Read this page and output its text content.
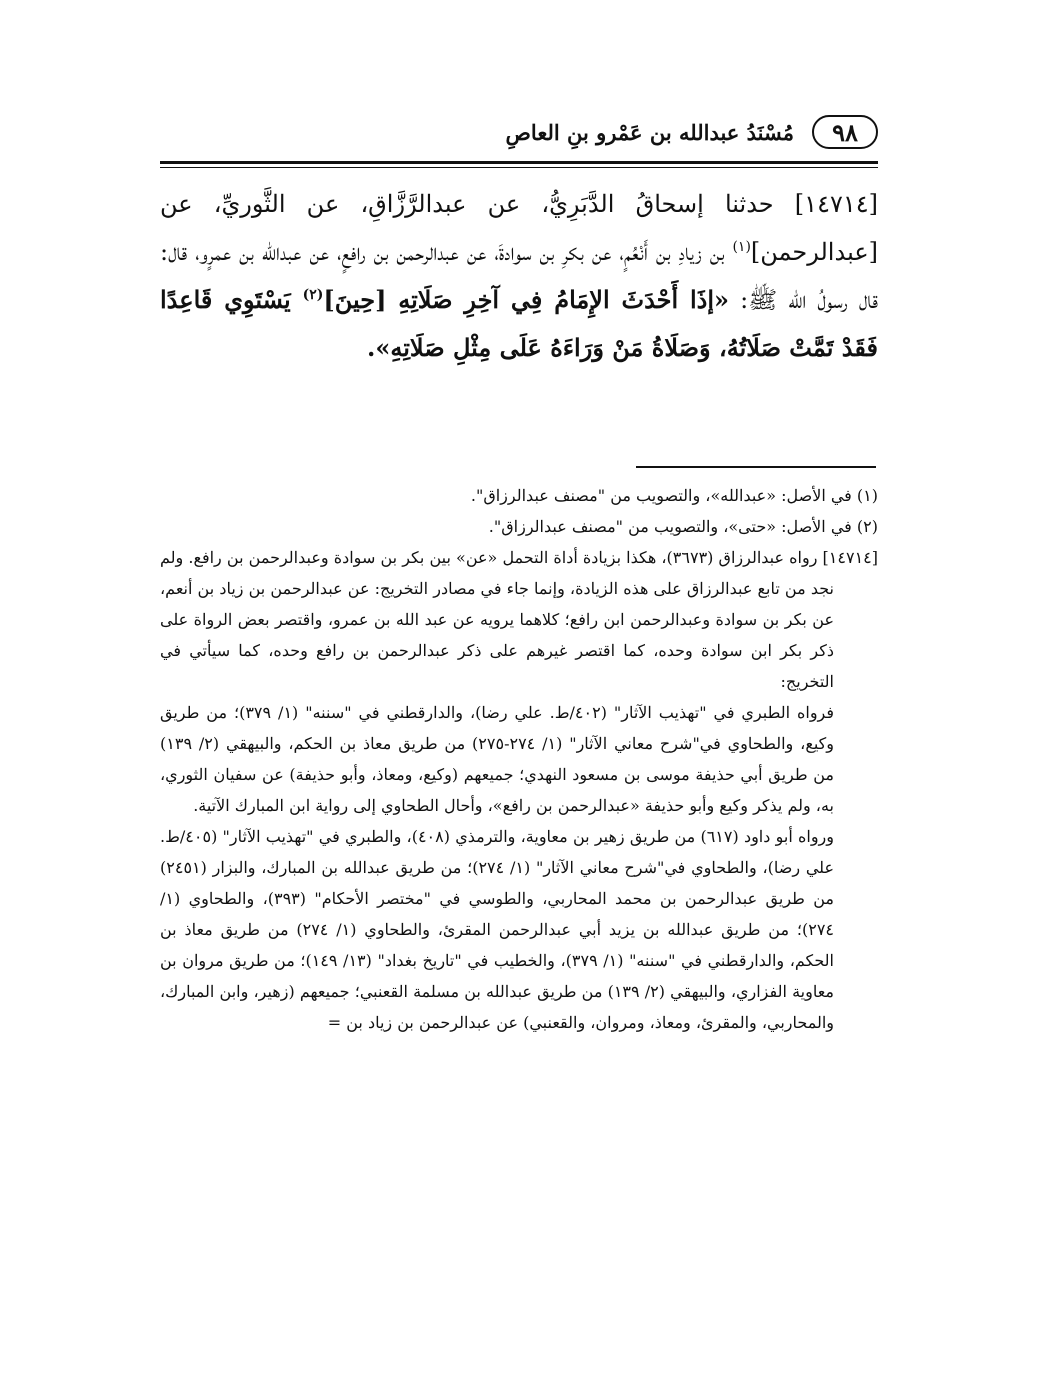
٩٨
مُسْنَدُ عبدالله بن عَمْرو بنِ العاصِ

[١٤٧١٤] حدثنا إسحاقُ الدَّبَرِيُّ، عن عبدالرَّزَّاقِ، عن الثَّوريِّ، عن [عبدالرحمن]$^{(١)}$ بن زيادِ بن أَنْعُمٍ، عن بكرِ بن سوادةَ، عن عبدالرحمن بن رافعٍ، عن عبدالله بن عمرٍو، قال: قال رسولُ الله ﷺ: «إذَا أَحْدَثَ الإِمَامُ فِي آخِرِ صَلَاتِهِ [حِينَ]$^{(٢)}$ يَسْتَوِي قَاعِدًا فَقَدْ تَمَّتْ صَلَاتُهُ، وَصَلَاةُ مَنْ وَرَاءَهُ عَلَى مِثْلِ صَلَاتِهِ».

(١) في الأصل: «عبدالله»، والتصويب من "مصنف عبدالرزاق".

(٢) في الأصل: «حتى»، والتصويب من "مصنف عبدالرزاق".

[١٤٧١٤] رواه عبدالرزاق (٣٦٧٣)، هكذا بزيادة أداة التحمل «عن» بين بكر بن سوادة وعبدالرحمن بن رافع. ولم نجد من تابع عبدالرزاق على هذه الزيادة، وإنما جاء في مصادر التخريج: عن عبدالرحمن بن زياد بن أنعم، عن بكر بن سوادة وعبدالرحمن ابن رافع؛ كلاهما يرويه عن عبد الله بن عمرو، واقتصر بعض الرواة على ذكر بكر ابن سوادة وحده، كما اقتصر غيرهم على ذكر عبدالرحمن بن رافع وحده، كما سيأتي في التخريج:

فرواه الطبري في "تهذيب الآثار" (٤٠٢/ط. علي رضا)، والدارقطني في "سننه" (١/ ٣٧٩)؛ من طريق وكيع، والطحاوي في"شرح معاني الآثار" (١/ ٢٧٤-٢٧٥) من طريق معاذ بن الحكم، والبيهقي (٢/ ١٣٩) من طريق أبي حذيفة موسى بن مسعود النهدي؛ جميعهم (وكيع، ومعاذ، وأبو حذيفة) عن سفيان الثوري، به، ولم يذكر وكيع وأبو حذيفة «عبدالرحمن بن رافع»، وأحال الطحاوي إلى رواية ابن المبارك الآتية.

ورواه أبو داود (٦١٧) من طريق زهير بن معاوية، والترمذي (٤٠٨)، والطبري في "تهذيب الآثار" (٤٠٥/ط. علي رضا)، والطحاوي في"شرح معاني الآثار" (١/ ٢٧٤)؛ من طريق عبدالله بن المبارك، والبزار (٢٤٥١) من طريق عبدالرحمن بن محمد المحاربي، والطوسي في "مختصر الأحكام" (٣٩٣)، والطحاوي (١/ ٢٧٤)؛ من طريق عبدالله بن يزيد أبي عبدالرحمن المقرئ، والطحاوي (١/ ٢٧٤) من طريق معاذ بن الحكم، والدارقطني في "سننه" (١/ ٣٧٩)، والخطيب في "تاريخ بغداد" (١٣/ ١٤٩)؛ من طريق مروان بن معاوية الفزاري، والبيهقي (٢/ ١٣٩) من طريق عبدالله بن مسلمة القعنبي؛ جميعهم (زهير، وابن المبارك، والمحاربي، والمقرئ، ومعاذ، ومروان، والقعنبي) عن عبدالرحمن بن زياد بن =
